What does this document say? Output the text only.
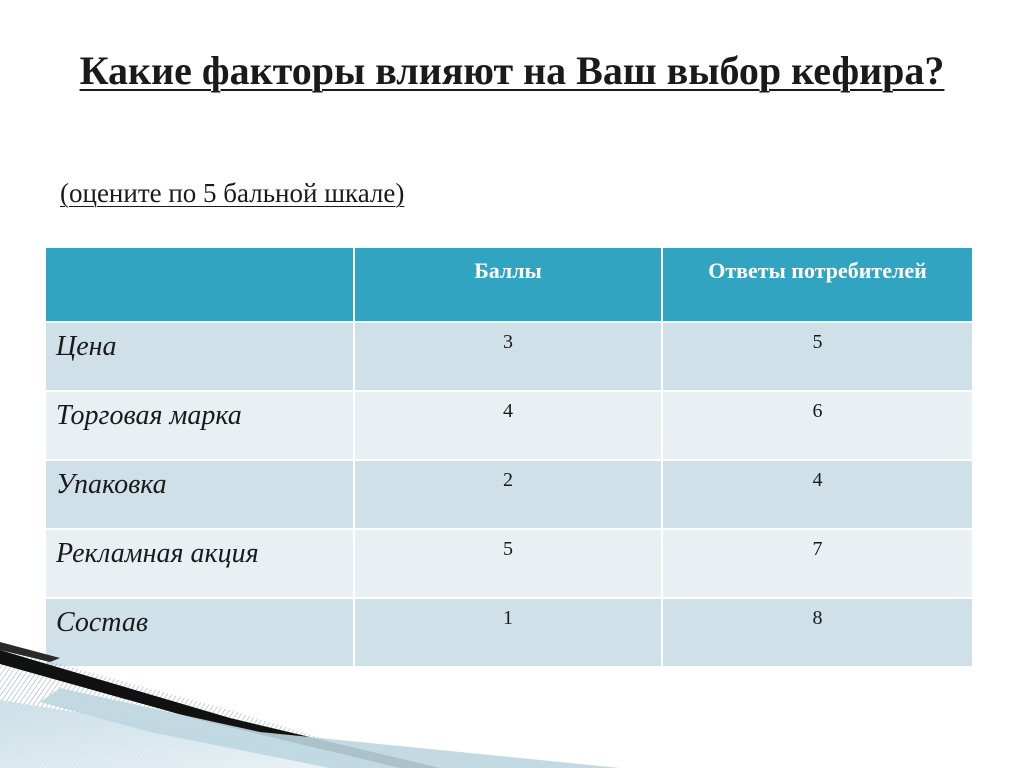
Какие факторы влияют на Ваш выбор кефира?
(оцените по 5 бальной шкале)
	Баллы	Ответы потребителей
Цена	3	5
Торговая марка	4	6
Упаковка	2	4
Рекламная акция	5	7
Состав	1	8
